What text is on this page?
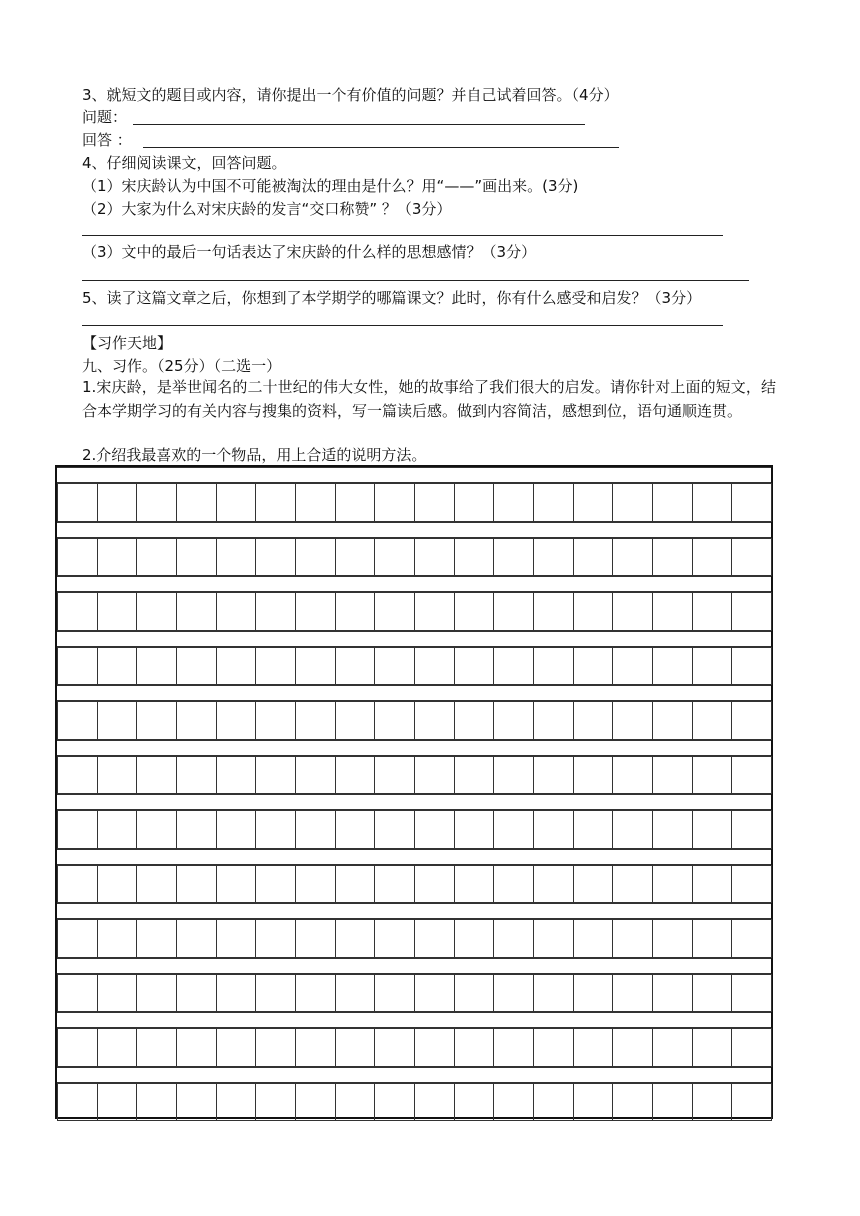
3、就短文的题目或内容，请你提出一个有价值的问题？并自己试着回答。（4分）
问题：
回答 ：
4、仔细阅读课文，回答问题。
（1）宋庆龄认为中国不可能被淘汰的理由是什么？用“——”画出来。(3分)
（2）大家为什么对宋庆龄的发言“交口称赞” ？（3分）
（3）文中的最后一句话表达了宋庆龄的什么样的思想感情？（3分）
5、读了这篇文章之后，你想到了本学期学的哪篇课文？此时，你有什么感受和启发？（3分）
【习作天地】
九、习作。（25分）（二选一）
1.宋庆龄，是举世闻名的二十世纪的伟大女性，她的故事给了我们很大的启发。请你针对上面的短文，结合本学期学习的有关内容与搜集的资料，写一篇读后感。做到内容简洁，感想到位，语句通顺连贯。
2.介绍我最喜欢的一个物品，用上合适的说明方法。
